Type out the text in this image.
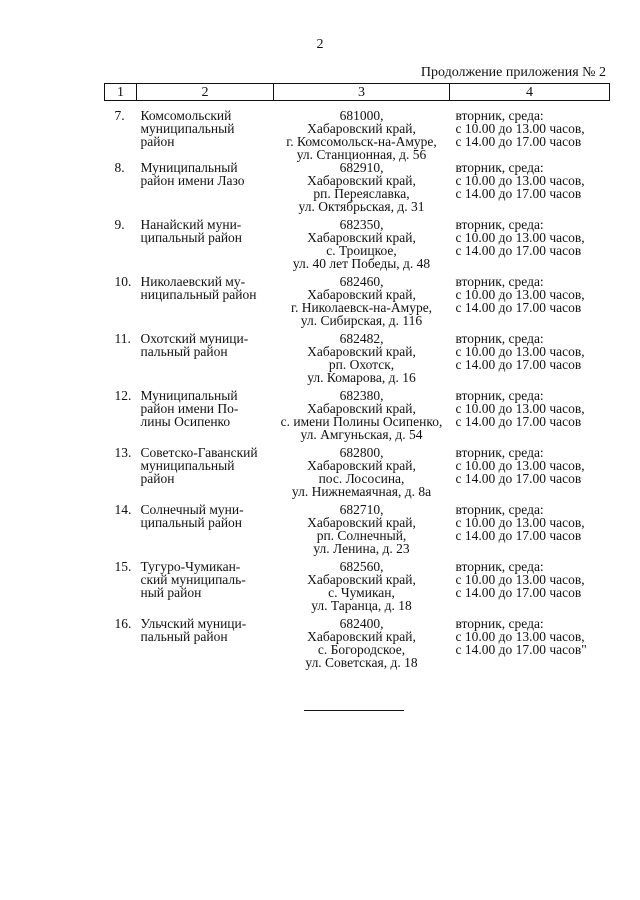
2
Продолжение приложения № 2
1	2	3	4
7.	Комсомольский
муниципальный
район	681000,
Хабаровский край,
г. Комсомольск-на-Амуре,
ул. Станционная, д. 56	вторник, среда:
с 10.00 до 13.00 часов,
с 14.00 до 17.00 часов

8.	Муниципальный
район имени Лазо	682910,
Хабаровский край,
рп. Переяславка,
ул. Октябрьская, д. 31	вторник, среда:
с 10.00 до 13.00 часов,
с 14.00 до 17.00 часов

9.	Нанайский муни-
ципальный район	682350,
Хабаровский край,
с. Троицкое,
ул. 40 лет Победы, д. 48	вторник, среда:
с 10.00 до 13.00 часов,
с 14.00 до 17.00 часов

10.	Николаевский му-
ниципальный район	682460,
Хабаровский край,
г. Николаевск-на-Амуре,
ул. Сибирская, д. 116	вторник, среда:
с 10.00 до 13.00 часов,
с 14.00 до 17.00 часов

11.	Охотский муници-
пальный район	682482,
Хабаровский край,
рп. Охотск,
ул. Комарова, д. 16	вторник, среда:
с 10.00 до 13.00 часов,
с 14.00 до 17.00 часов

12.	Муниципальный
район имени По-
лины Осипенко	682380,
Хабаровский край,
с. имени Полины Осипенко,
ул. Амгуньская, д. 54	вторник, среда:
с 10.00 до 13.00 часов,
с 14.00 до 17.00 часов

13.	Советско-Гаванский
муниципальный
район	682800,
Хабаровский край,
пос. Лососина,
ул. Нижнемаячная, д. 8а	вторник, среда:
с 10.00 до 13.00 часов,
с 14.00 до 17.00 часов

14.	Солнечный муни-
ципальный район	682710,
Хабаровский край,
рп. Солнечный,
ул. Ленина, д. 23	вторник, среда:
с 10.00 до 13.00 часов,
с 14.00 до 17.00 часов

15.	Тугуро-Чумикан-
ский муниципаль-
ный район	682560,
Хабаровский край,
с. Чумикан,
ул. Таранца, д. 18	вторник, среда:
с 10.00 до 13.00 часов,
с 14.00 до 17.00 часов

16.	Ульчский муници-
пальный район	682400,
Хабаровский край,
с. Богородское,
ул. Советская, д. 18	вторник, среда:
с 10.00 до 13.00 часов,
с 14.00 до 17.00 часов"
